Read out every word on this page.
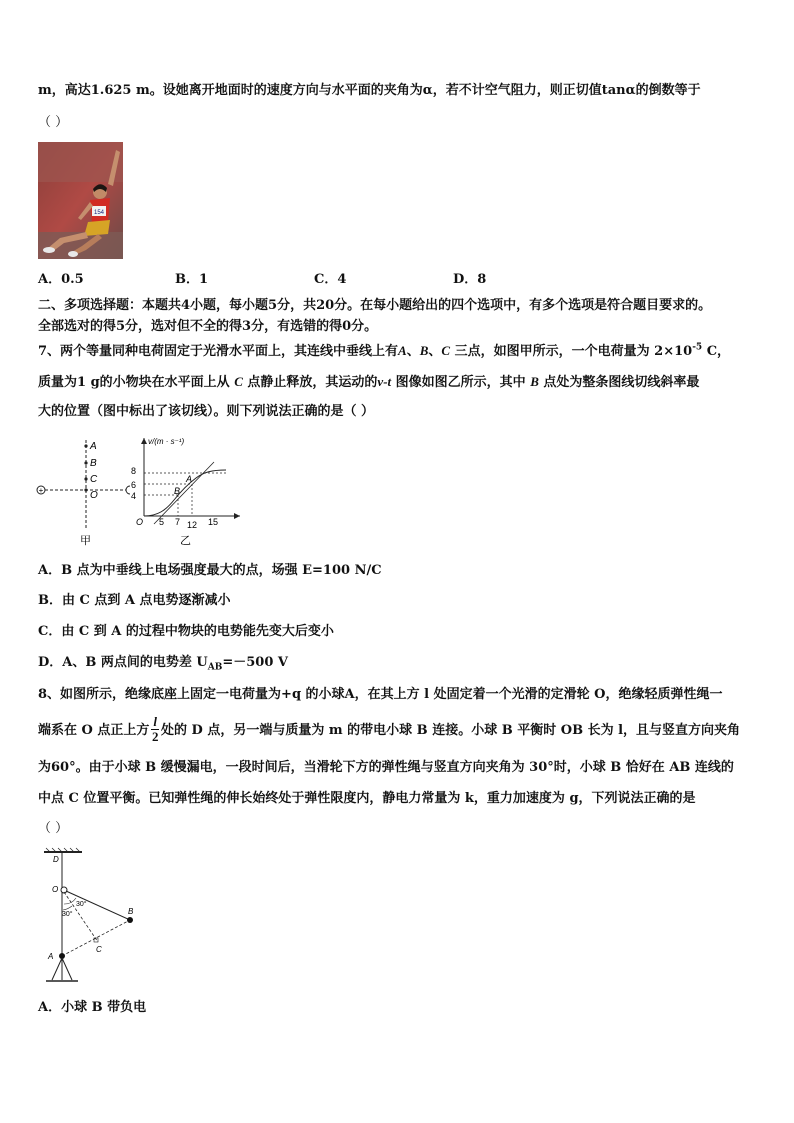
m，高达1.625 m。设她离开地面时的速度方向与水平面的夹角为α，若不计空气阻力，则正切值tanα的倒数等于
（ ）
154
A．0.5	B．1	C．4	D．8
二、多项选择题：本题共4小题，每小题5分，共20分。在每小题给出的四个选项中，有多个选项是符合题目要求的。
全部选对的得5分，选对但不全的得3分，有选错的得0分。
7、两个等量同种电荷固定于光滑水平面上，其连线中垂线上有A、B、C 三点，如图甲所示，一个电荷量为 $2\times 10^{-5}$ C，
质量为1 g的小物块在水平面上从 C 点静止释放，其运动的v-t 图像如图乙所示，其中 B 点处为整条图线切线斜率最
大的位置（图中标出了该切线）。则下列说法正确的是（ ）
+
A
B
C
O
甲
v/(m · s⁻¹)
8
6
4
A
B
O 5 7 12 15
乙
A．B 点为中垂线上电场强度最大的点，场强 E=100 N/C
B．由 C 点到 A 点电势逐渐减小
C．由 C 到 A 的过程中物块的电势能先变大后变小
D．A、B 两点间的电势差 $U_{AB}=-500$ V
8、如图所示，绝缘底座上固定一电荷量为+q 的小球A，在其上方 l 处固定着一个光滑的定滑轮 O，绝缘轻质弹性绳一
端系在 O 点正上方 $\frac{l}{2}$ 处的 D 点，另一端与质量为 m 的带电小球 B 连接。小球 B 平衡时 OB 长为 l，且与竖直方向夹角
为60°。由于小球 B 缓慢漏电，一段时间后，当滑轮下方的弹性绳与竖直方向夹角为 30°时，小球 B 恰好在 AB 连线的
中点 C 位置平衡。已知弹性绳的伸长始终处于弹性限度内，静电力常量为 k，重力加速度为 g，下列说法正确的是
（ ）
D
O
30°
30°	B
C
A
A．小球 B 带负电
